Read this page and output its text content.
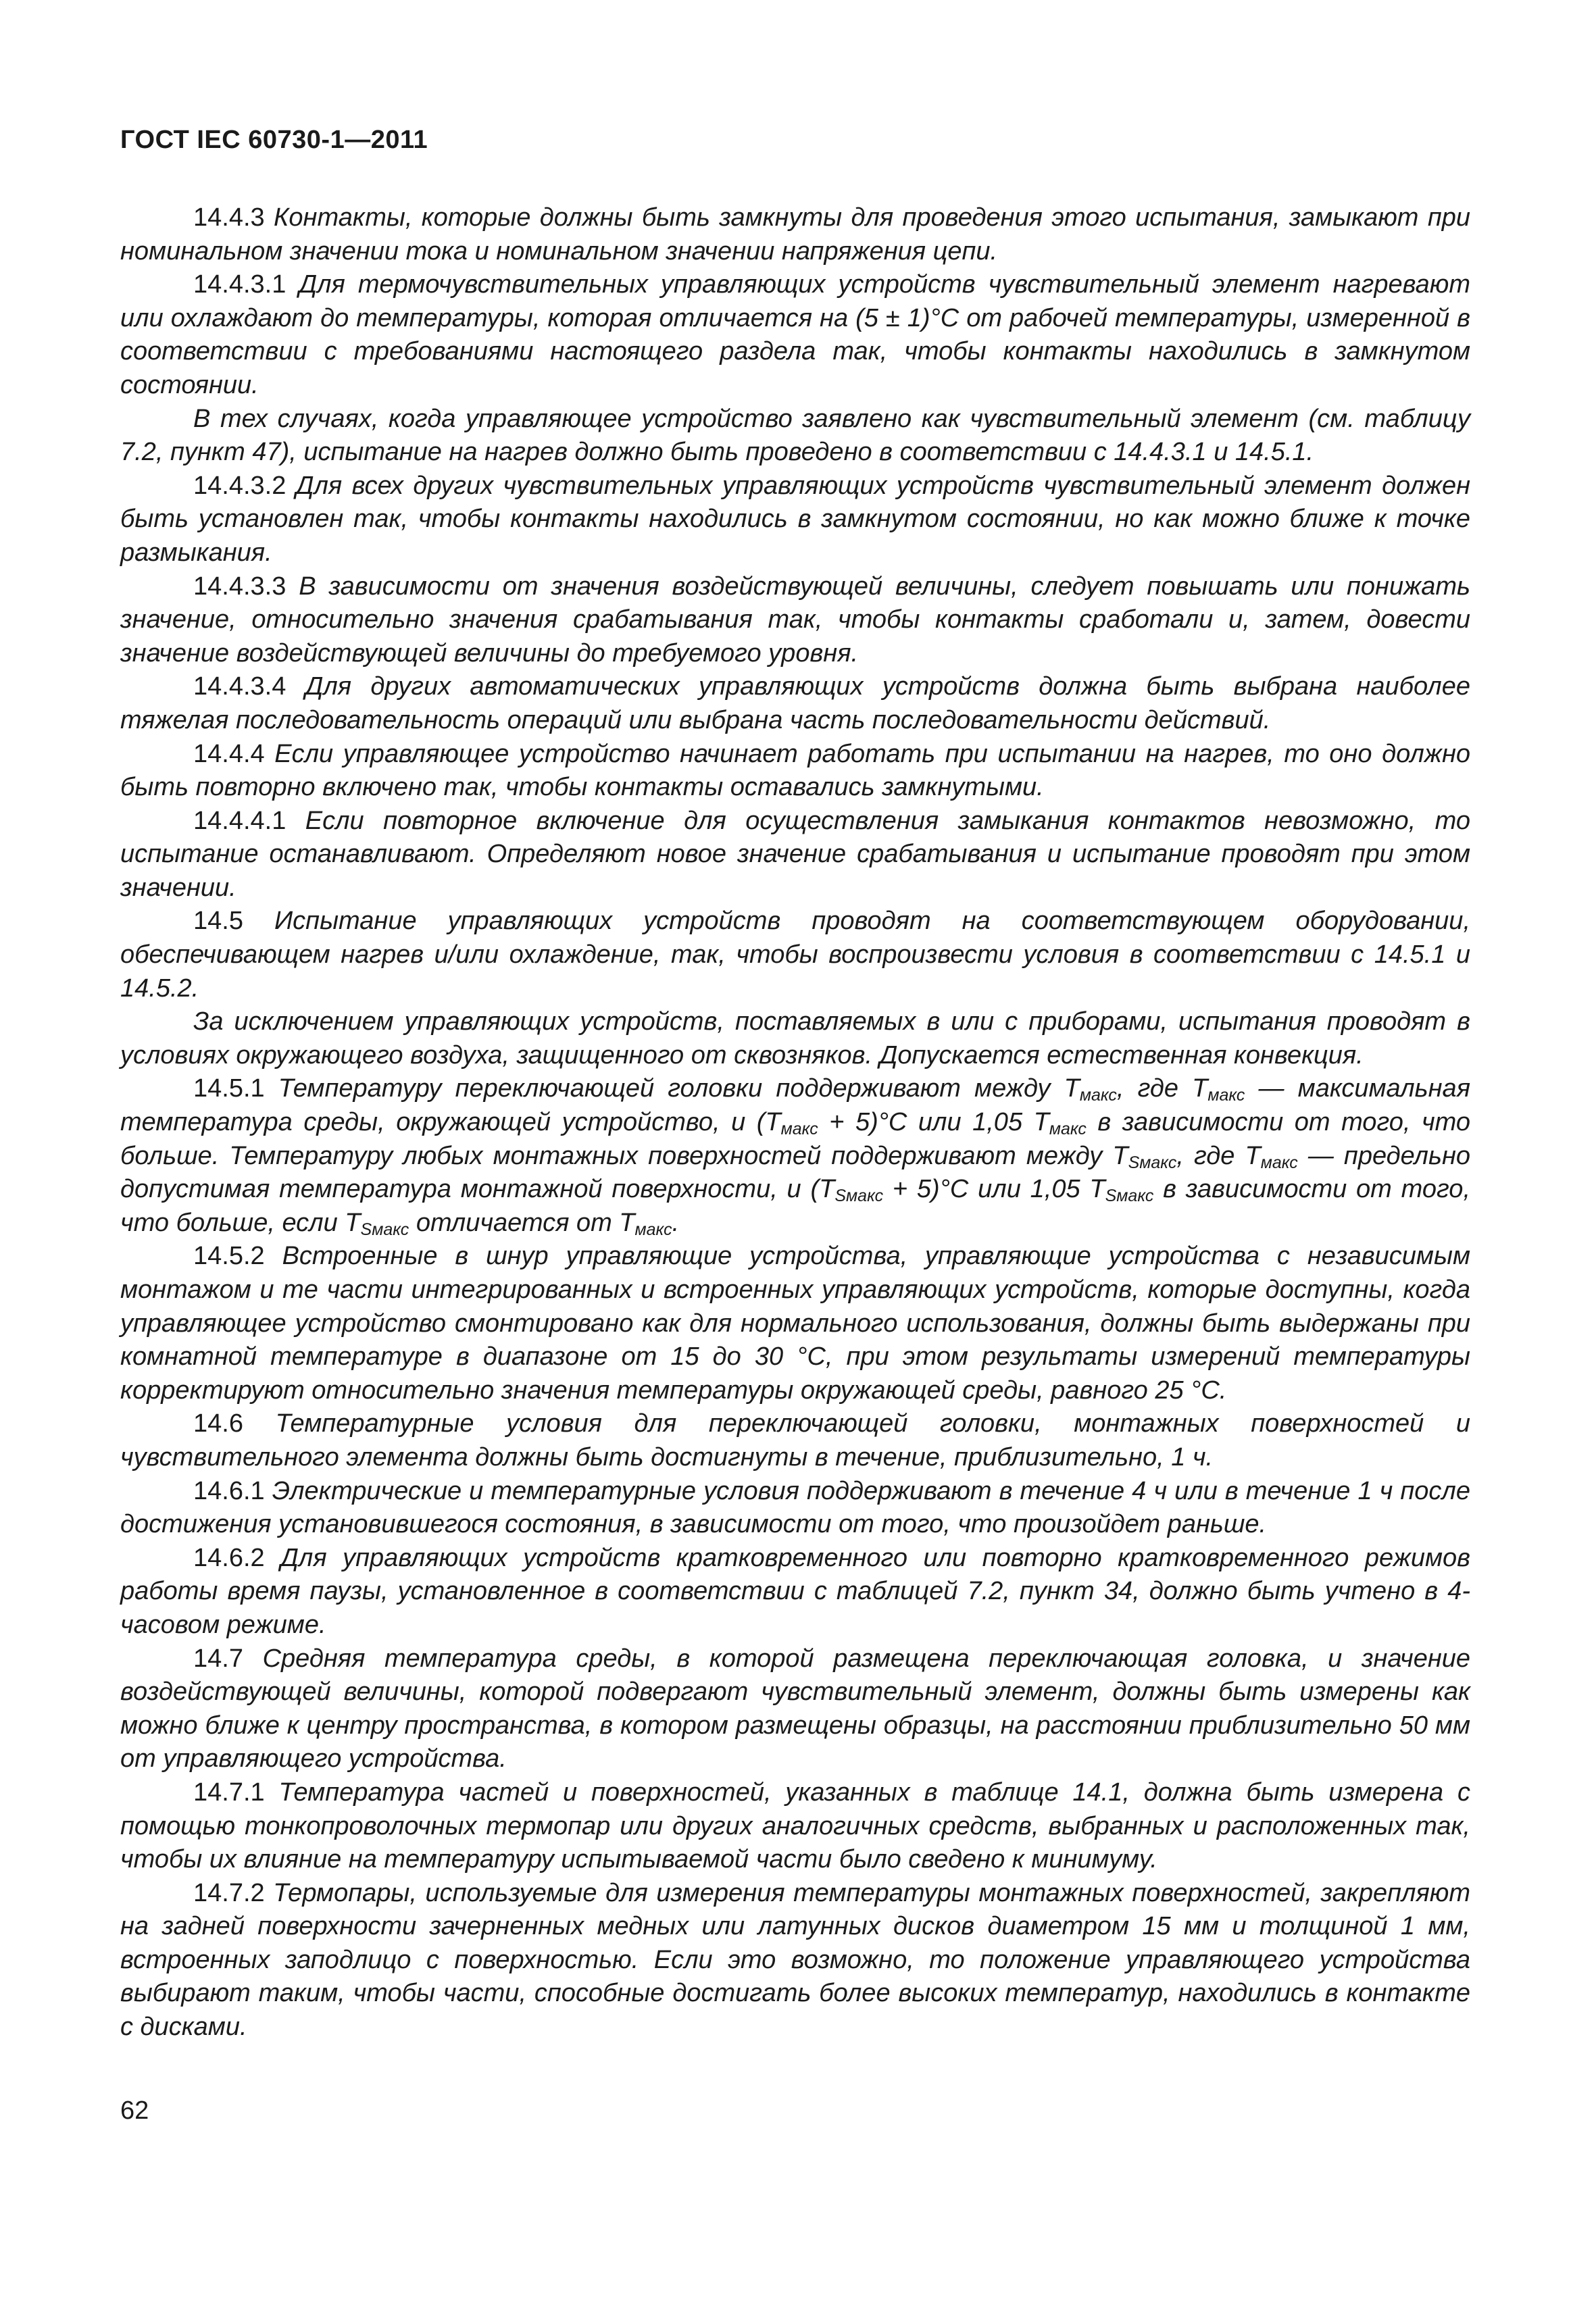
ГОСТ IEC 60730-1—2011

14.4.3 Контакты, которые должны быть замкнуты для проведения этого испытания, замыкают при номинальном значении тока и номинальном значении напряжения цепи.

14.4.3.1 Для термочувствительных управляющих устройств чувствительный элемент нагревают или охлаждают до температуры, которая отличается на (5 ± 1)°С от рабочей температуры, измеренной в соответствии с требованиями настоящего раздела так, чтобы контакты находились в замкнутом состоянии.

В тех случаях, когда управляющее устройство заявлено как чувствительный элемент (см. таблицу 7.2, пункт 47), испытание на нагрев должно быть проведено в соответствии с 14.4.3.1 и 14.5.1.

14.4.3.2 Для всех других чувствительных управляющих устройств чувствительный элемент должен быть установлен так, чтобы контакты находились в замкнутом состоянии, но как можно ближе к точке размыкания.

14.4.3.3 В зависимости от значения воздействующей величины, следует повышать или понижать значение, относительно значения срабатывания так, чтобы контакты сработали и, затем, довести значение воздействующей величины до требуемого уровня.

14.4.3.4 Для других автоматических управляющих устройств должна быть выбрана наиболее тяжелая последовательность операций или выбрана часть последовательности действий.

14.4.4 Если управляющее устройство начинает работать при испытании на нагрев, то оно должно быть повторно включено так, чтобы контакты оставались замкнутыми.

14.4.4.1 Если повторное включение для осуществления замыкания контактов невозможно, то испытание останавливают. Определяют новое значение срабатывания и испытание проводят при этом значении.

14.5 Испытание управляющих устройств проводят на соответствующем оборудовании, обеспечивающем нагрев и/или охлаждение, так, чтобы воспроизвести условия в соответствии с 14.5.1 и 14.5.2.

За исключением управляющих устройств, поставляемых в или с приборами, испытания проводят в условиях окружающего воздуха, защищенного от сквозняков. Допускается естественная конвекция.

14.5.1 Температуру переключающей головки поддерживают между $T_{макс}$, где $T_{макс}$ — максимальная температура среды, окружающей устройство, и $(T_{макс} + 5)^\circ С$ или 1,05 $T_{макс}$ в зависимости от того, что больше. Температуру любых монтажных поверхностей поддерживают между $T_{Sмакс}$, где $T_{макс}$ — предельно допустимая температура монтажной поверхности, и $(T_{Sмакс} + 5)^\circ С$ или 1,05 $T_{Sмакс}$ в зависимости от того, что больше, если $T_{Sмакс}$ отличается от $T_{макс}$.

14.5.2 Встроенные в шнур управляющие устройства, управляющие устройства с независимым монтажом и те части интегрированных и встроенных управляющих устройств, которые доступны, когда управляющее устройство смонтировано как для нормального использования, должны быть выдержаны при комнатной температуре в диапазоне от 15 до 30 °С, при этом результаты измерений температуры корректируют относительно значения температуры окружающей среды, равного 25 °С.

14.6 Температурные условия для переключающей головки, монтажных поверхностей и чувствительного элемента должны быть достигнуты в течение, приблизительно, 1 ч.

14.6.1 Электрические и температурные условия поддерживают в течение 4 ч или в течение 1 ч после достижения установившегося состояния, в зависимости от того, что произойдет раньше.

14.6.2 Для управляющих устройств кратковременного или повторно кратковременного режимов работы время паузы, установленное в соответствии с таблицей 7.2, пункт 34, должно быть учтено в 4-часовом режиме.

14.7 Средняя температура среды, в которой размещена переключающая головка, и значение воздействующей величины, которой подвергают чувствительный элемент, должны быть измерены как можно ближе к центру пространства, в котором размещены образцы, на расстоянии приблизительно 50 мм от управляющего устройства.

14.7.1 Температура частей и поверхностей, указанных в таблице 14.1, должна быть измерена с помощью тонкопроволочных термопар или других аналогичных средств, выбранных и расположенных так, чтобы их влияние на температуру испытываемой части было сведено к минимуму.

14.7.2 Термопары, используемые для измерения температуры монтажных поверхностей, закрепляют на задней поверхности зачерненных медных или латунных дисков диаметром 15 мм и толщиной 1 мм, встроенных заподлицо с поверхностью. Если это возможно, то положение управляющего устройства выбирают таким, чтобы части, способные достигать более высоких температур, находились в контакте с дисками.

62
